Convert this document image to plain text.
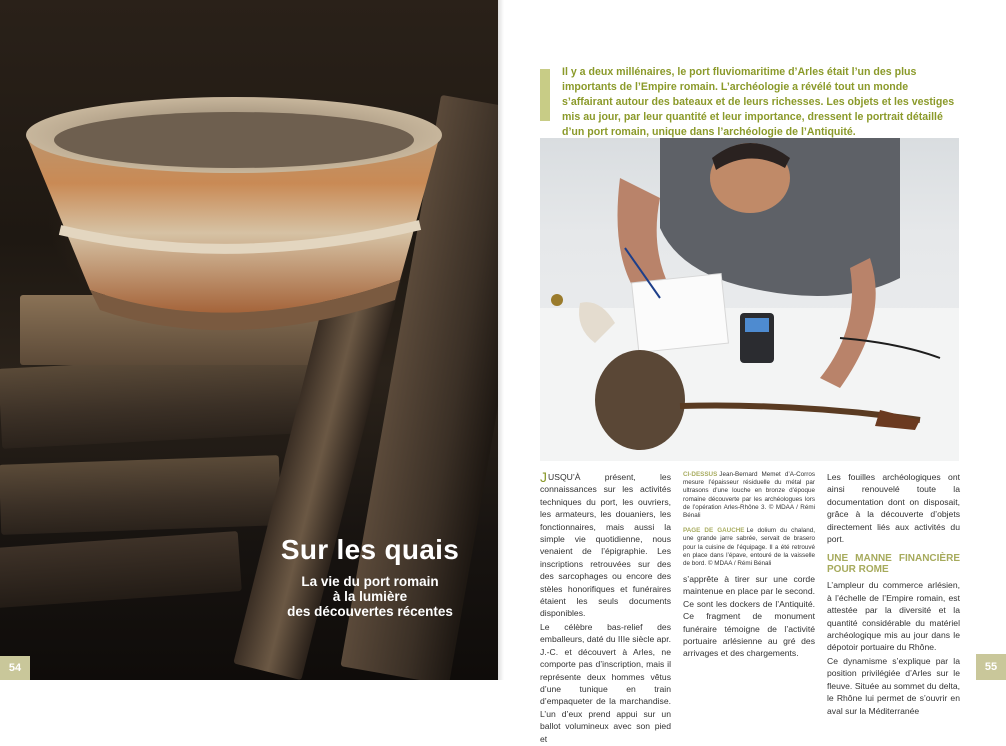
Sur les quais
La vie du port romain
à la lumière
des découvertes récentes
54
Il y a deux millénaires, le port fluviomaritime d’Arles était l’un des plus importants de l’Empire romain. L’archéologie a révélé tout un monde s’affairant autour des bateaux et de leurs richesses. Les objets et les vestiges mis au jour, par leur quantité et leur importance, dressent le portrait détaillé d’un port romain, unique dans l’archéologie de l’Antiquité.

JUSQU’À présent, les connaissances sur les activités techniques du port, les ouvriers, les armateurs, les douaniers, les fonctionnaires, mais aussi la simple vie quotidienne, nous venaient de l’épigraphie. Les inscriptions retrouvées sur des des sarcophages ou encore des stèles honorifiques et funéraires étaient les seuls documents disponibles.

Le célèbre bas-relief des emballeurs, daté du IIIe siècle apr. J.-C. et découvert à Arles, ne comporte pas d’inscription, mais il représente deux hommes vêtus d’une tunique en train d’empaqueter de la marchandise. L’un d’eux prend appui sur un ballot volumineux avec son pied et

CI-DESSUS Jean-Bernard Memet d’A-Corros mesure l’épaisseur résiduelle du métal par ultrasons d’une louche en bronze d’époque romaine découverte par les archéologues lors de l’opération Arles-Rhône 3. © MDAA / Rémi Bénali
PAGE DE GAUCHE Le dolium du chaland, une grande jarre sabrée, servait de brasero pour la cuisine de l’équipage. Il a été retrouvé en place dans l’épave, entouré de la vaisselle de bord. © MDAA / Rémi Bénali

s’apprête à tirer sur une corde maintenue en place par le second. Ce sont les dockers de l’Antiquité. Ce fragment de monument funéraire témoigne de l’activité portuaire arlésienne au gré des arrivages et des chargements.

Les fouilles archéologiques ont ainsi renouvelé toute la documentation dont on disposait, grâce à la découverte d’objets directement liés aux activités du port.

UNE MANNE FINANCIÈRE POUR ROME

L’ampleur du commerce arlésien, à l’échelle de l’Empire romain, est attestée par la diversité et la quantité considérable du matériel archéologique mis au jour dans le dépotoir portuaire du Rhône.

Ce dynamisme s’explique par la position privilégiée d’Arles sur le fleuve. Située au sommet du delta, le Rhône lui permet de s’ouvrir en aval sur la Méditerranée

55
